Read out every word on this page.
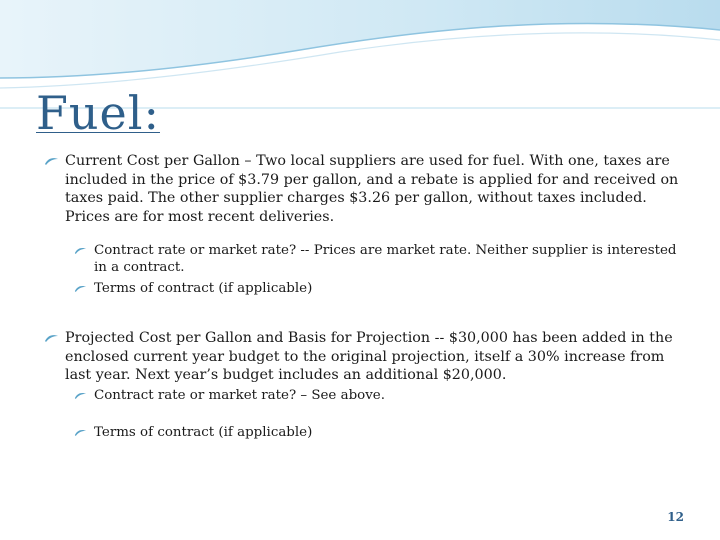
Fuel:
Current Cost per Gallon – Two local suppliers are used for fuel. With one, taxes are included in the price of $3.79 per gallon, and a rebate is applied for and received on taxes paid. The other supplier charges $3.26 per gallon, without taxes included. Prices are for most recent deliveries.
Contract rate or market rate? -- Prices are market rate. Neither supplier is interested in a contract.
Terms of contract (if applicable)
Projected Cost per Gallon and Basis for Projection -- $30,000 has been added in the enclosed current year budget to the original projection, itself a 30% increase from last year. Next year’s budget includes an additional $20,000.
Contract rate or market rate? – See above.
Terms of contract (if applicable)
12
